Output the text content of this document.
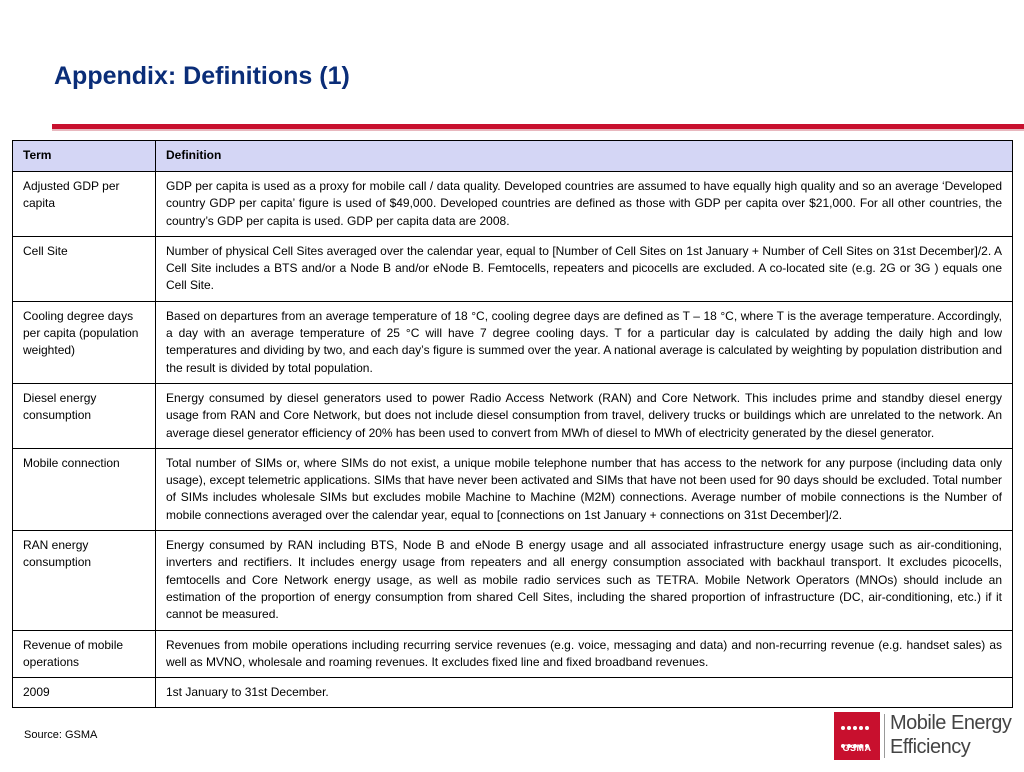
Appendix: Definitions (1)
Term	Definition
Adjusted GDP per capita	GDP per capita is used as a proxy for mobile call / data quality. Developed countries are assumed to have equally high quality and so an average ‘Developed country GDP per capita’ figure is used of $49,000. Developed countries are defined as those with GDP per capita over $21,000. For all other countries, the country’s GDP per capita is used. GDP per capita data are 2008.
Cell Site	Number of physical Cell Sites averaged over the calendar year, equal to [Number of Cell Sites on 1st January + Number of Cell Sites on 31st December]/2. A Cell Site includes a BTS and/or a Node B and/or eNode B. Femtocells, repeaters and picocells are excluded. A co-located site (e.g. 2G or 3G ) equals one Cell Site.
Cooling degree days per capita (population weighted)	Based on departures from an average temperature of 18 °C, cooling degree days are defined as T – 18 °C, where T is the average temperature. Accordingly, a day with an average temperature of 25 °C will have 7 degree cooling days. T for a particular day is calculated by adding the daily high and low temperatures and dividing by two, and each day’s figure is summed over the year. A national average is calculated by weighting by population distribution and the result is divided by total population.
Diesel energy consumption	Energy consumed by diesel generators used to power Radio Access Network (RAN) and Core Network. This includes prime and standby diesel energy usage from RAN and Core Network, but does not include diesel consumption from travel, delivery trucks or buildings which are unrelated to the network. An average diesel generator efficiency of 20% has been used to convert from MWh of diesel to MWh of electricity generated by the diesel generator.
Mobile connection	Total number of SIMs or, where SIMs do not exist, a unique mobile telephone number that has access to the network for any purpose (including data only usage), except telemetric applications. SIMs that have never been activated and SIMs that have not been used for 90 days should be excluded. Total number of SIMs includes wholesale SIMs but excludes mobile Machine to Machine (M2M) connections. Average number of mobile connections is the Number of mobile connections averaged over the calendar year, equal to [connections on 1st January + connections on 31st December]/2.
RAN energy consumption	Energy consumed by RAN including BTS, Node B and eNode B energy usage and all associated infrastructure energy usage such as air-conditioning, inverters and rectifiers. It includes energy usage from repeaters and all energy consumption associated with backhaul transport. It excludes picocells, femtocells and Core Network energy usage, as well as mobile radio services such as TETRA. Mobile Network Operators (MNOs) should include an estimation of the proportion of energy consumption from shared Cell Sites, including the shared proportion of infrastructure (DC, air-conditioning, etc.) if it cannot be measured.
Revenue of mobile operations	Revenues from mobile operations including recurring service revenues (e.g. voice, messaging and data) and non-recurring revenue (e.g. handset sales) as well as MVNO, wholesale and roaming revenues. It excludes fixed line and fixed broadband revenues.
2009	1st January to 31st December.
Source: GSMA

GSMA
Mobile Energy
Efficiency
